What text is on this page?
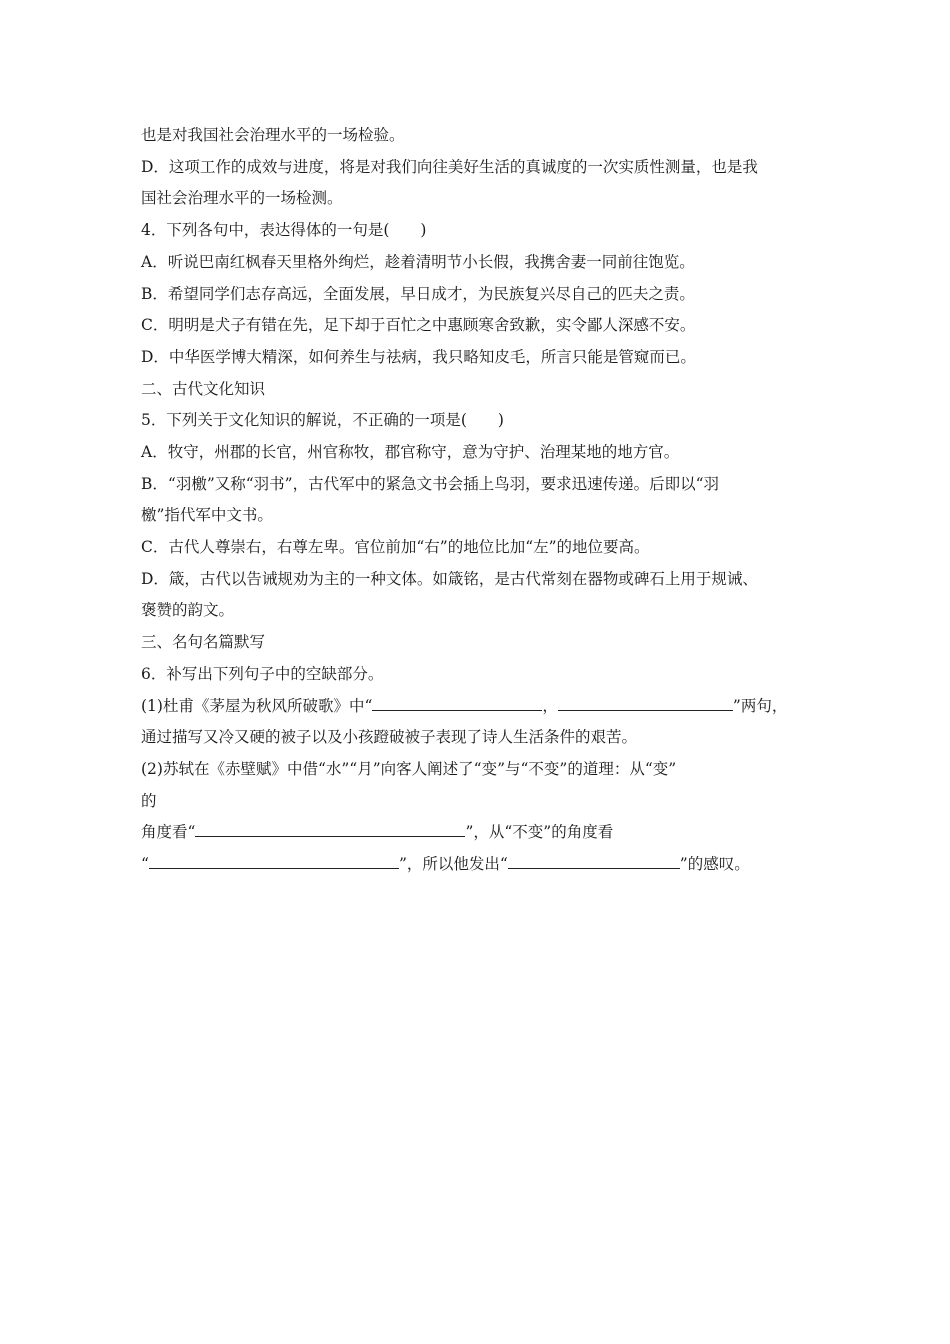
也是对我国社会治理水平的一场检验。
D．这项工作的成效与进度，将是对我们向往美好生活的真诚度的一次实质性测量，也是我
国社会治理水平的一场检测。
4．下列各句中，表达得体的一句是(　　)
A．听说巴南红枫春天里格外绚烂，趁着清明节小长假，我携舍妻一同前往饱览。
B．希望同学们志存高远，全面发展，早日成才，为民族复兴尽自己的匹夫之责。
C．明明是犬子有错在先，足下却于百忙之中惠顾寒舍致歉，实令鄙人深感不安。
D．中华医学博大精深，如何养生与祛病，我只略知皮毛，所言只能是管窥而已。
二、古代文化知识
5．下列关于文化知识的解说，不正确的一项是(　　)
A．牧守，州郡的长官，州官称牧，郡官称守，意为守护、治理某地的地方官。
B．“羽檄”又称“羽书”，古代军中的紧急文书会插上鸟羽，要求迅速传递。后即以“羽
檄”指代军中文书。
C．古代人尊崇右，右尊左卑。官位前加“右”的地位比加“左”的地位要高。
D．箴，古代以告诫规劝为主的一种文体。如箴铭，是古代常刻在器物或碑石上用于规诫、
褒赞的韵文。
三、名句名篇默写
6．补写出下列句子中的空缺部分。
(1)杜甫《茅屋为秋风所破歌》中“	，	”两句，
通过描写又冷又硬的被子以及小孩蹬破被子表现了诗人生活条件的艰苦。
(2)苏轼在《赤壁赋》中借“水”“月”向客人阐述了“变”与“不变”的道理：从“变”
的
角度看“	”，从“不变”的角度看
“	”，所以他发出“	”的感叹。
